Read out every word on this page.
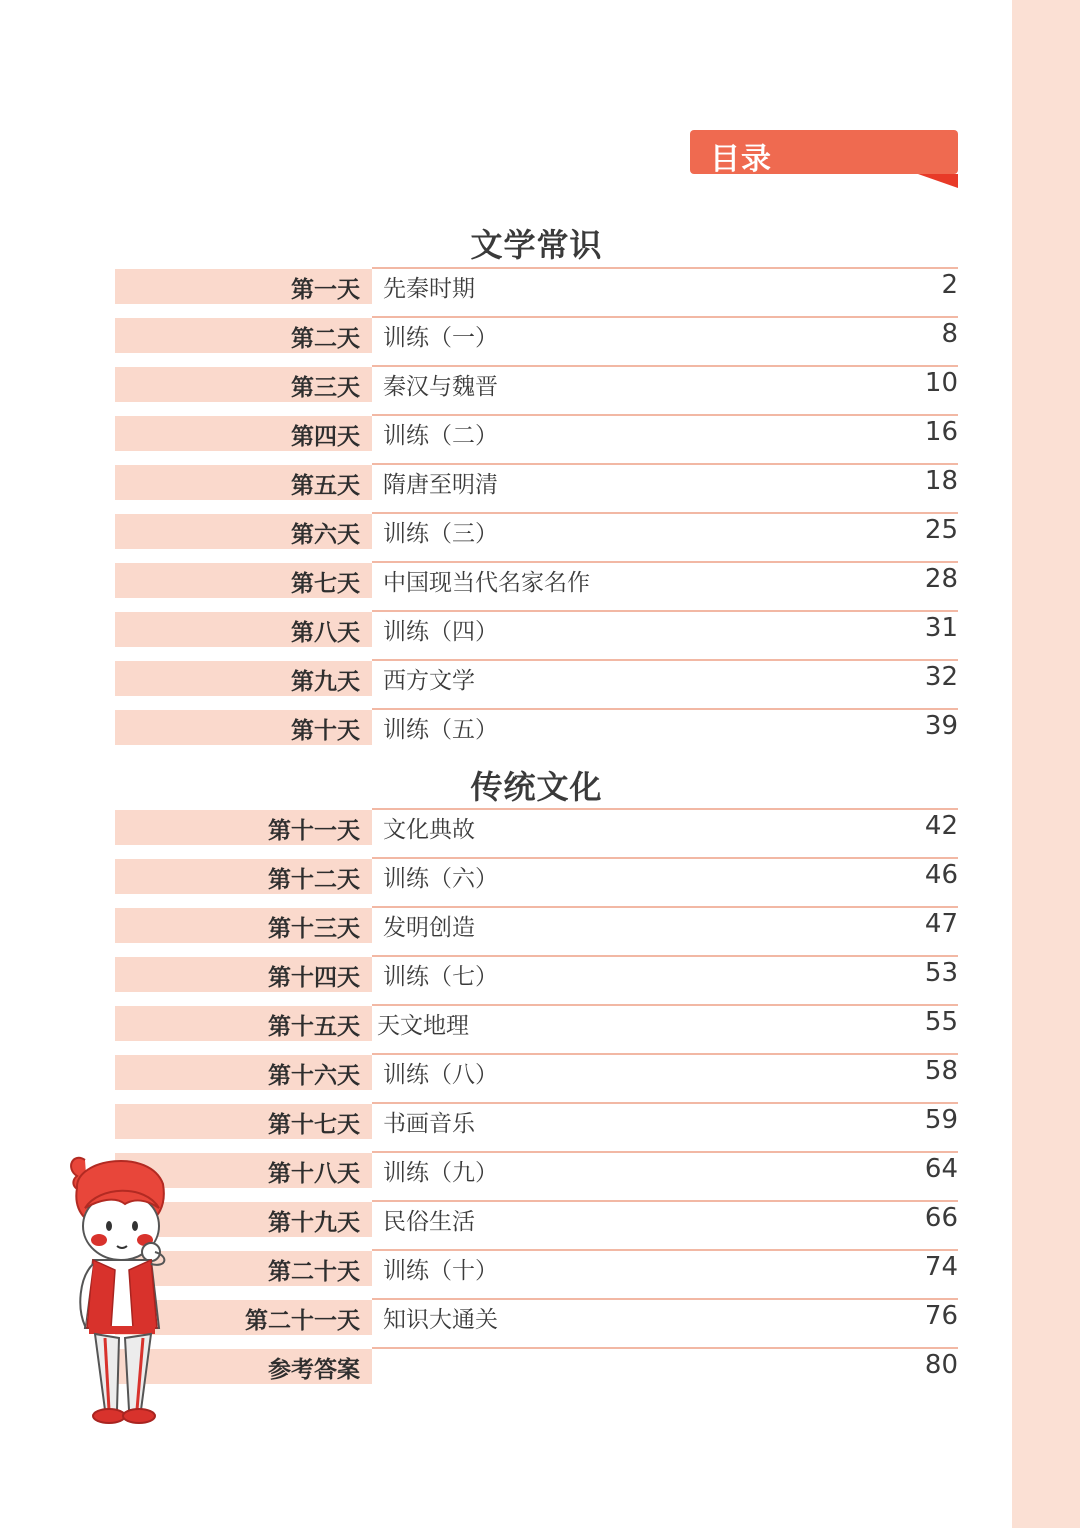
目录
文学常识
第一天 先秦时期	2
第二天 训练（一）	8
第三天 秦汉与魏晋	10
第四天 训练（二）	16
第五天 隋唐至明清	18
第六天 训练（三）	25
第七天 中国现当代名家名作	28
第八天 训练（四）	31
第九天 西方文学	32
第十天 训练（五）	39
传统文化
第十一天 文化典故	42
第十二天 训练（六）	46
第十三天 发明创造	47
第十四天 训练（七）	53
第十五天 天文地理	55
第十六天 训练（八）	58
第十七天 书画音乐	59
第十八天 训练（九）	64
第十九天 民俗生活	66
第二十天 训练（十）	74
第二十一天 知识大通关	76
参考答案	80
